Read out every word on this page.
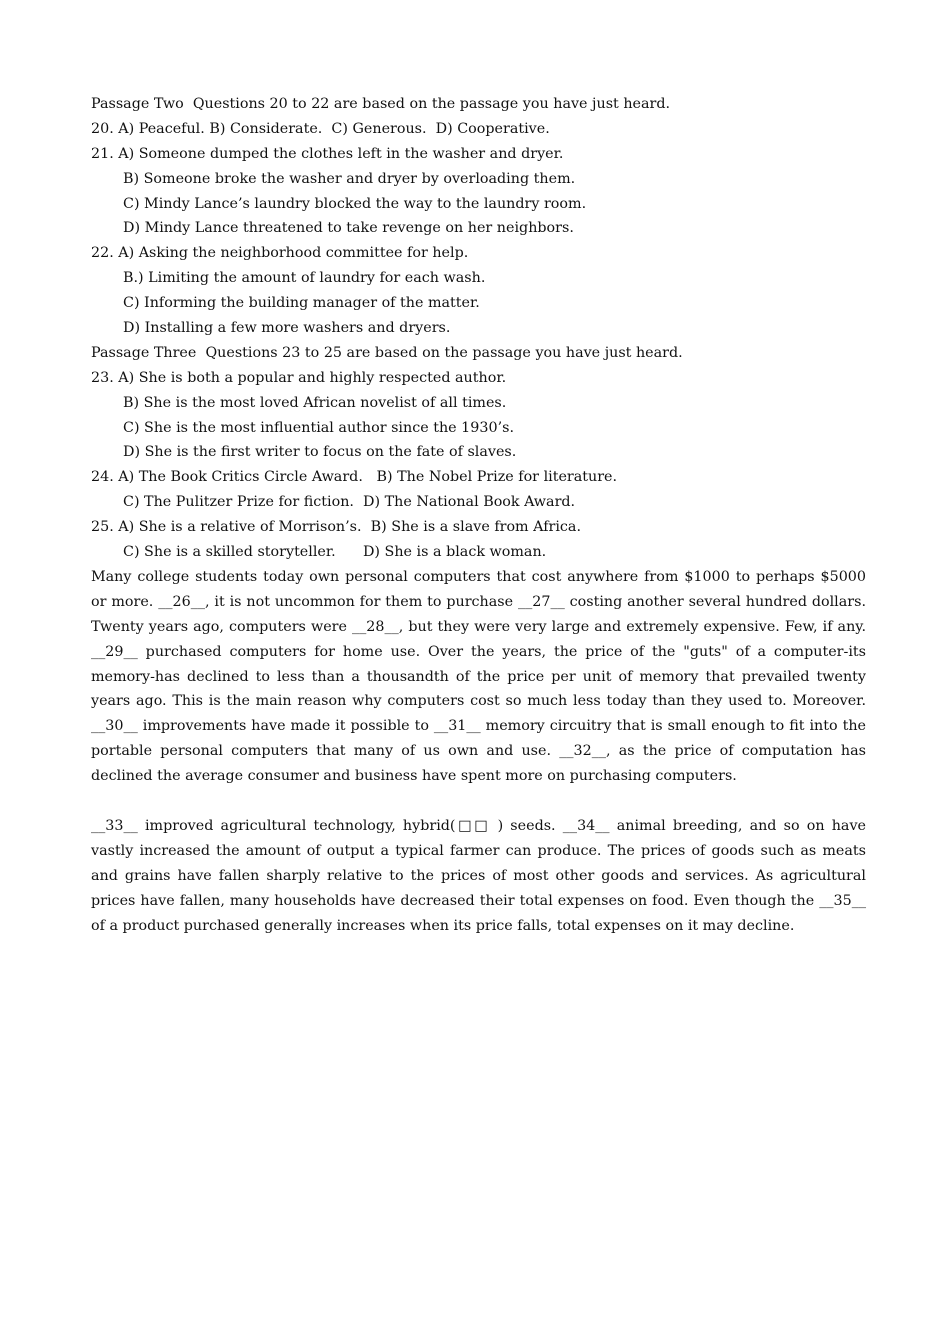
Passage Two  Questions 20 to 22 are based on the passage you have just heard.
20. A) Peaceful. B) Considerate.  C) Generous.  D) Cooperative.
21. A) Someone dumped the clothes left in the washer and dryer.
B) Someone broke the washer and dryer by overloading them.
C) Mindy Lance’s laundry blocked the way to the laundry room.
D) Mindy Lance threatened to take revenge on her neighbors.
22. A) Asking the neighborhood committee for help.
B.) Limiting the amount of laundry for each wash.
C) Informing the building manager of the matter.
D) Installing a few more washers and dryers.
Passage Three  Questions 23 to 25 are based on the passage you have just heard.
23. A) She is both a popular and highly respected author.
B) She is the most loved African novelist of all times.
C) She is the most influential author since the 1930’s.
D) She is the first writer to focus on the fate of slaves.
24. A) The Book Critics Circle Award.   B) The Nobel Prize for literature.
C) The Pulitzer Prize for fiction.  D) The National Book Award.
25. A) She is a relative of Morrison’s.  B) She is a slave from Africa.
C) She is a skilled storyteller.      D) She is a black woman.
Many college students today own personal computers that cost anywhere from $1000 to perhaps $5000 or more. __26__, it is not uncommon for them to purchase __27__ costing another several hundred dollars. Twenty years ago, computers were __28__, but they were very large and extremely expensive. Few, if any. __29__ purchased computers for home use. Over the years, the price of the "guts" of a computer-its memory-has declined to less than a thousandth of the price per unit of memory that prevailed twenty years ago. This is the main reason why computers cost so much less today than they used to. Moreover. __30__ improvements have made it possible to __31__ memory circuitry that is small enough to fit into the portable personal computers that many of us own and use. __32__, as the price of computation has declined the average consumer and business have spent more on purchasing computers.
__33__ improved agricultural technology, hybrid(□□ ) seeds. __34__ animal breeding, and so on have vastly increased the amount of output a typical farmer can produce. The prices of goods such as meats and grains have fallen sharply relative to the prices of most other goods and services. As agricultural prices have fallen, many households have decreased their total expenses on food. Even though the __35__ of a product purchased generally increases when its price falls, total expenses on it may decline.
